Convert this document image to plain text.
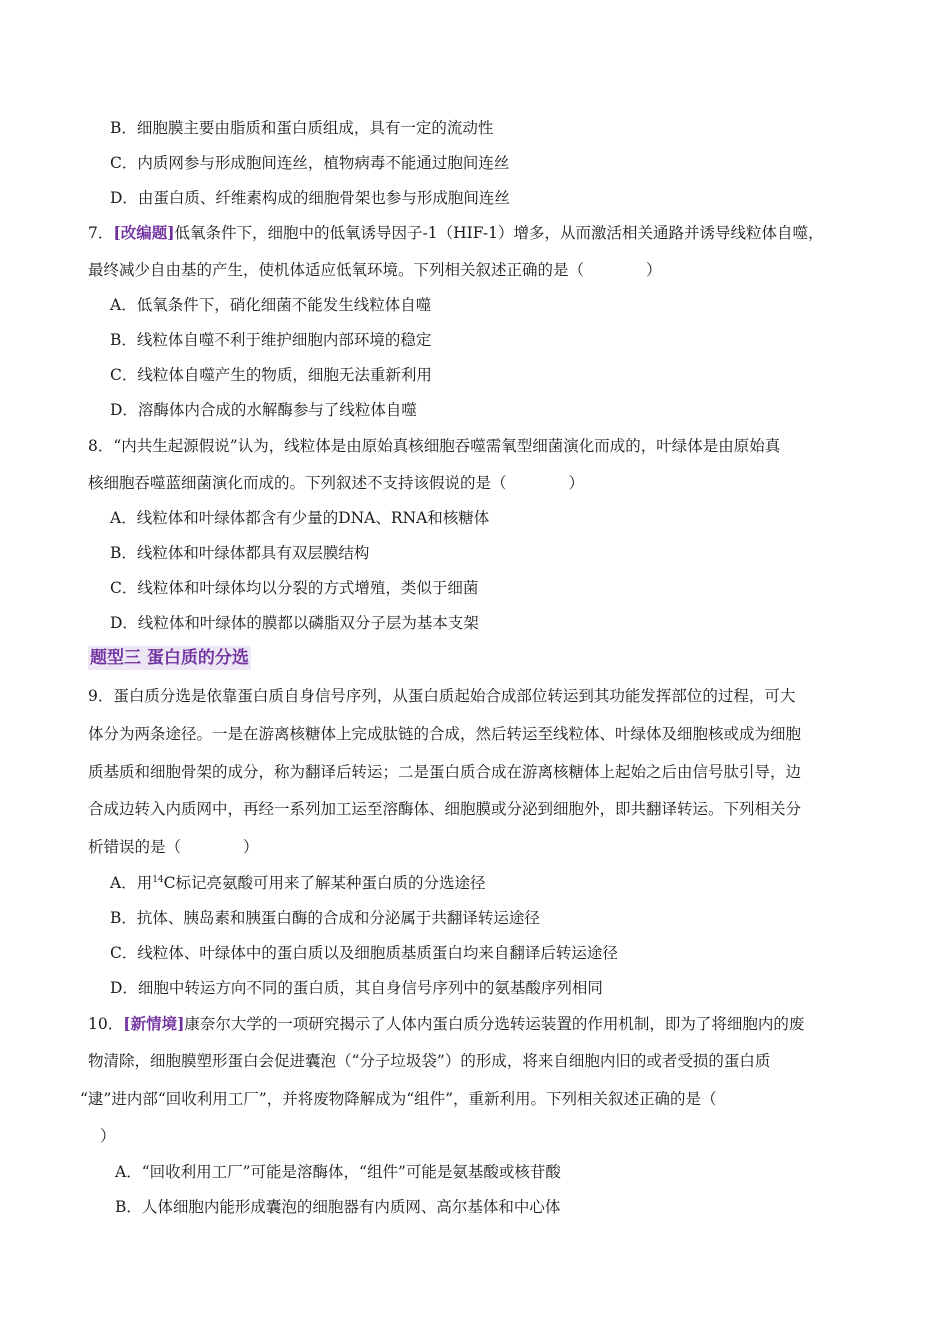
B．细胞膜主要由脂质和蛋白质组成，具有一定的流动性
C．内质网参与形成胞间连丝，植物病毒不能通过胞间连丝
D．由蛋白质、纤维素构成的细胞骨架也参与形成胞间连丝
7．[改编题]低氧条件下，细胞中的低氧诱导因子-1（HIF-1）增多，从而激活相关通路并诱导线粒体自噬，
最终减少自由基的产生，使机体适应低氧环境。下列相关叙述正确的是（　　　　）
A．低氧条件下，硝化细菌不能发生线粒体自噬
B．线粒体自噬不利于维护细胞内部环境的稳定
C．线粒体自噬产生的物质，细胞无法重新利用
D．溶酶体内合成的水解酶参与了线粒体自噬
8．“内共生起源假说”认为，线粒体是由原始真核细胞吞噬需氧型细菌演化而成的，叶绿体是由原始真
核细胞吞噬蓝细菌演化而成的。下列叙述不支持该假说的是（　　　　）
A．线粒体和叶绿体都含有少量的DNA、RNA和核糖体
B．线粒体和叶绿体都具有双层膜结构
C．线粒体和叶绿体均以分裂的方式增殖，类似于细菌
D．线粒体和叶绿体的膜都以磷脂双分子层为基本支架
题型三 蛋白质的分选
9．蛋白质分选是依靠蛋白质自身信号序列，从蛋白质起始合成部位转运到其功能发挥部位的过程，可大
体分为两条途径。一是在游离核糖体上完成肽链的合成，然后转运至线粒体、叶绿体及细胞核或成为细胞
质基质和细胞骨架的成分，称为翻译后转运；二是蛋白质合成在游离核糖体上起始之后由信号肽引导，边
合成边转入内质网中，再经一系列加工运至溶酶体、细胞膜或分泌到细胞外，即共翻译转运。下列相关分
析错误的是（　　　　）
A．用$^{14}$C标记亮氨酸可用来了解某种蛋白质的分选途径
B．抗体、胰岛素和胰蛋白酶的合成和分泌属于共翻译转运途径
C．线粒体、叶绿体中的蛋白质以及细胞质基质蛋白均来自翻译后转运途径
D．细胞中转运方向不同的蛋白质，其自身信号序列中的氨基酸序列相同
10．[新情境]康奈尔大学的一项研究揭示了人体内蛋白质分选转运装置的作用机制，即为了将细胞内的废
物清除，细胞膜塑形蛋白会促进囊泡（“分子垃圾袋”）的形成，将来自细胞内旧的或者受损的蛋白质
“逮”进内部“回收利用工厂”，并将废物降解成为“组件”，重新利用。下列相关叙述正确的是（
）
A．“回收利用工厂”可能是溶酶体，“组件”可能是氨基酸或核苷酸
B．人体细胞内能形成囊泡的细胞器有内质网、高尔基体和中心体
